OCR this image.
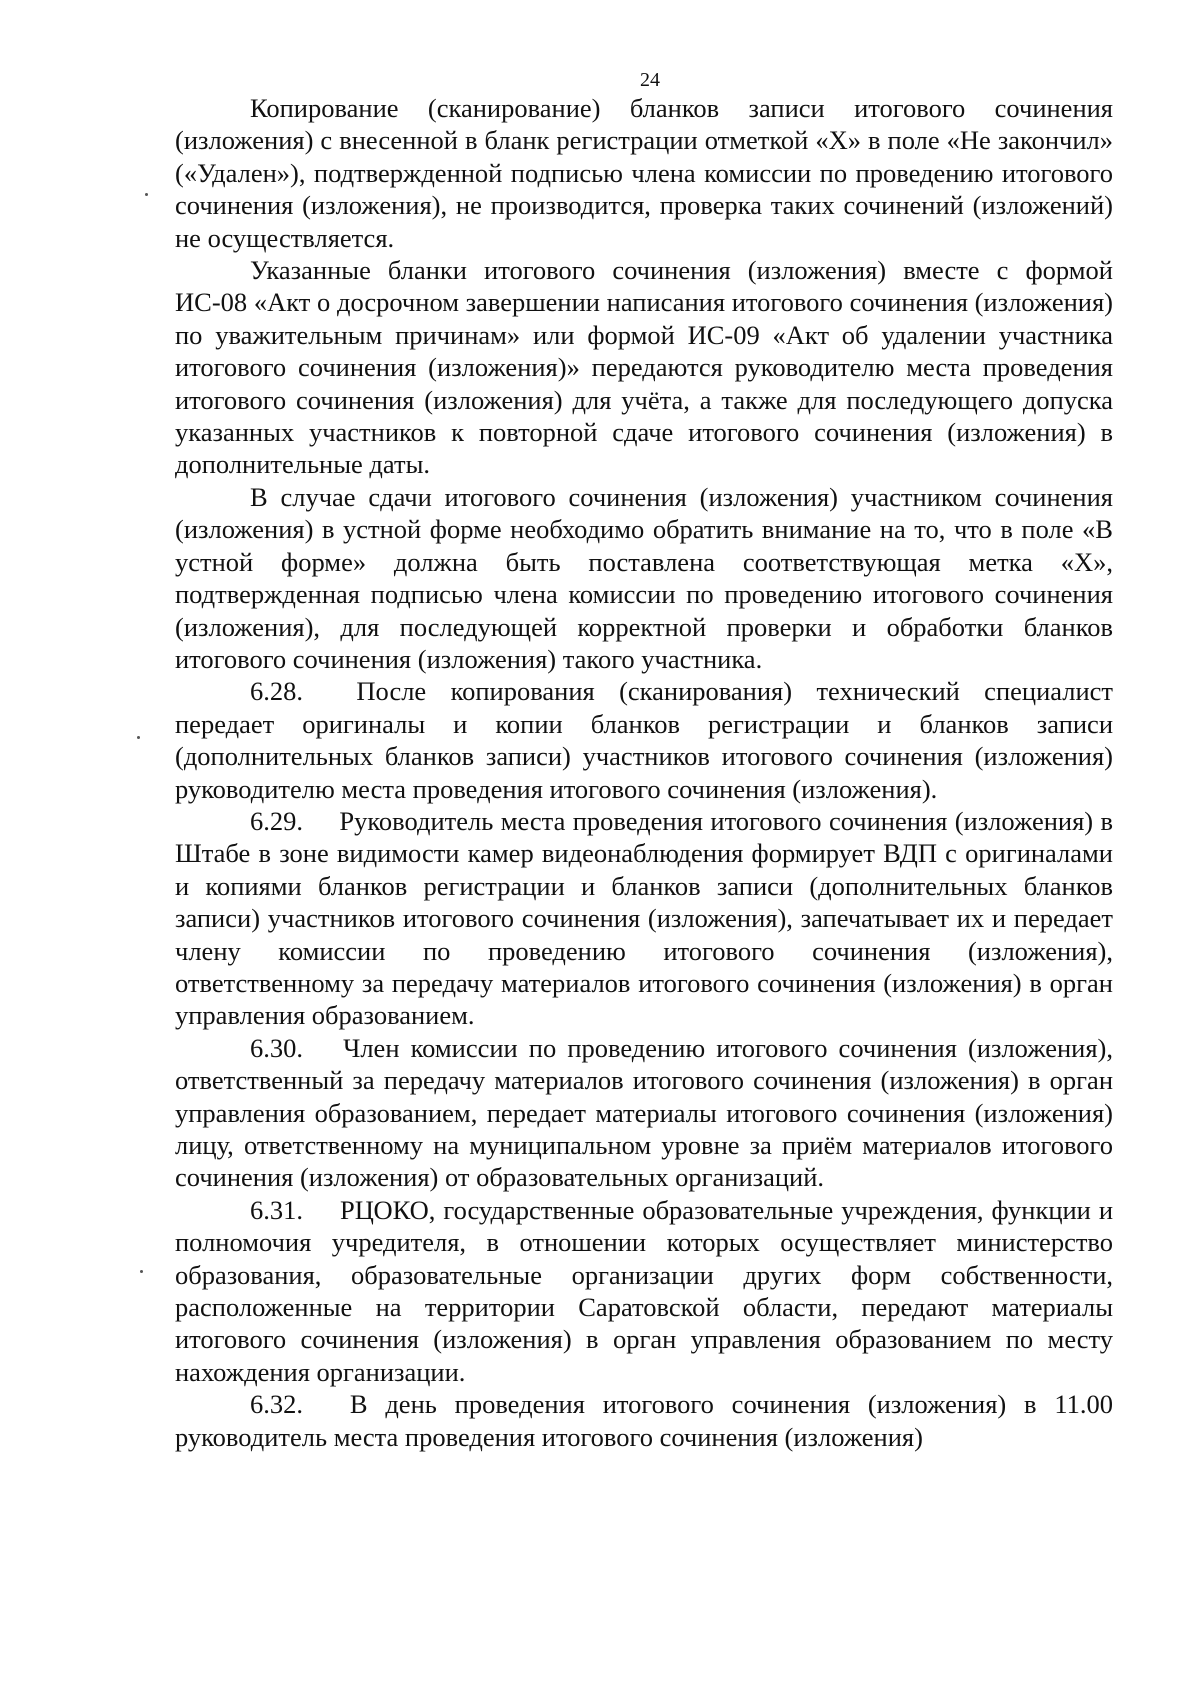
24

Копирование (сканирование) бланков записи итогового сочинения (изложения) с внесенной в бланк регистрации отметкой «X» в поле «Не закончил» («Удален»), подтвержденной подписью члена комиссии по проведению итогового сочинения (изложения), не производится, проверка таких сочинений (изложений) не осуществляется.

Указанные бланки итогового сочинения (изложения) вместе с формой ИС-08 «Акт о досрочном завершении написания итогового сочинения (изложения) по уважительным причинам» или формой ИС-09 «Акт об удалении участника итогового сочинения (изложения)» передаются руководителю места проведения итогового сочинения (изложения) для учёта, а также для последующего допуска указанных участников к повторной сдаче итогового сочинения (изложения) в дополнительные даты.

В случае сдачи итогового сочинения (изложения) участником сочинения (изложения) в устной форме необходимо обратить внимание на то, что в поле «В устной форме» должна быть поставлена соответствующая метка «X», подтвержденная подписью члена комиссии по проведению итогового сочинения (изложения), для последующей корректной проверки и обработки бланков итогового сочинения (изложения) такого участника.

6.28. После копирования (сканирования) технический специалист передает оригиналы и копии бланков регистрации и бланков записи (дополнительных бланков записи) участников итогового сочинения (изложения) руководителю места проведения итогового сочинения (изложения).

6.29. Руководитель места проведения итогового сочинения (изложения) в Штабе в зоне видимости камер видеонаблюдения формирует ВДП с оригиналами и копиями бланков регистрации и бланков записи (дополнительных бланков записи) участников итогового сочинения (изложения), запечатывает их и передает члену комиссии по проведению итогового сочинения (изложения), ответственному за передачу материалов итогового сочинения (изложения) в орган управления образованием.

6.30. Член комиссии по проведению итогового сочинения (изложения), ответственный за передачу материалов итогового сочинения (изложения) в орган управления образованием, передает материалы итогового сочинения (изложения) лицу, ответственному на муниципальном уровне за приём материалов итогового сочинения (изложения) от образовательных организаций.

6.31. РЦОКО, государственные образовательные учреждения, функции и полномочия учредителя, в отношении которых осуществляет министерство образования, образовательные организации других форм собственности, расположенные на территории Саратовской области, передают материалы итогового сочинения (изложения) в орган управления образованием по месту нахождения организации.

6.32. В день проведения итогового сочинения (изложения) в 11.00 руководитель места проведения итогового сочинения (изложения)
